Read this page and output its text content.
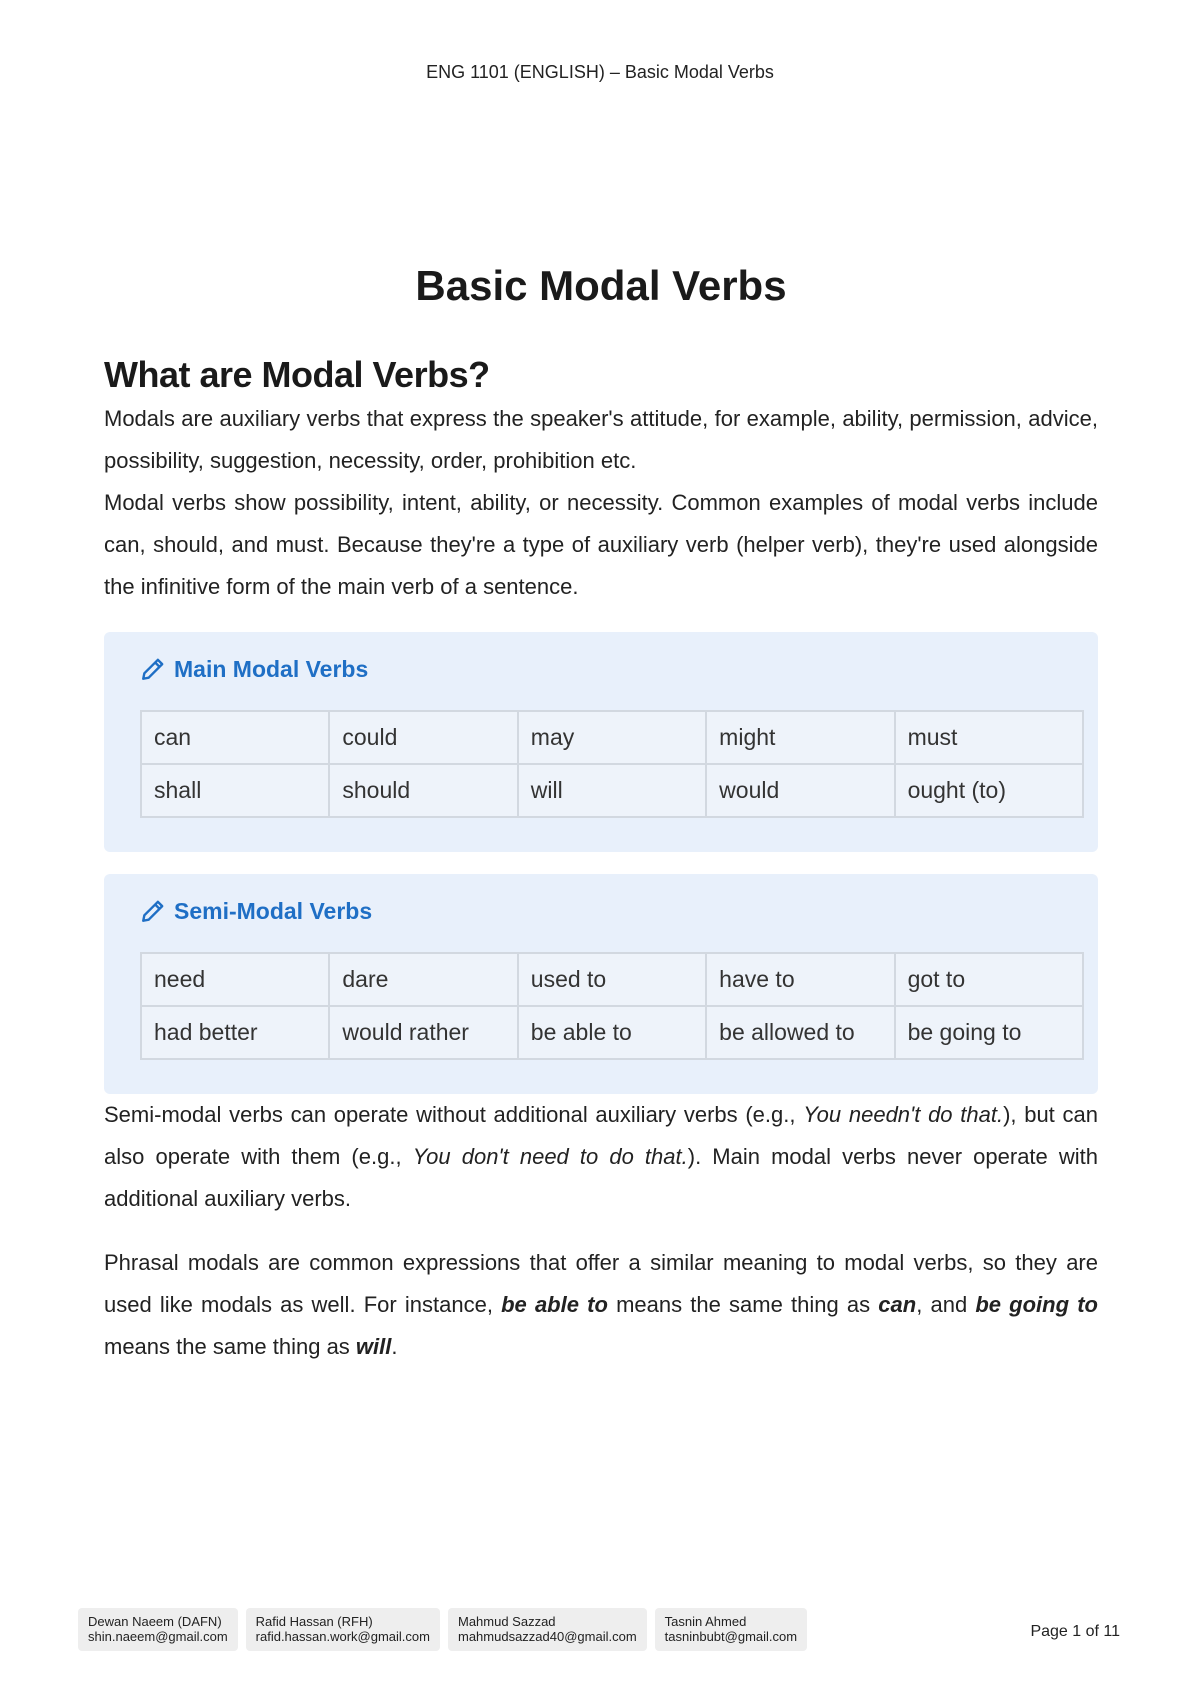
ENG 1101 (ENGLISH) – Basic Modal Verbs
Basic Modal Verbs
What are Modal Verbs?

Modals are auxiliary verbs that express the speaker's attitude, for example, ability, permission, advice, possibility, suggestion, necessity, order, prohibition etc.

Modal verbs show possibility, intent, ability, or necessity. Common examples of modal verbs include can, should, and must. Because they're a type of auxiliary verb (helper verb), they're used alongside the infinitive form of the main verb of a sentence.

Main Modal Verbs
can	could	may	might	must
shall	should	will	would	ought (to)
Semi-Modal Verbs
need	dare	used to	have to	got to
had better	would rather	be able to	be allowed to	be going to

Semi-modal verbs can operate without additional auxiliary verbs (e.g., You needn't do that.), but can also operate with them (e.g., You don't need to do that.). Main modal verbs never operate with additional auxiliary verbs.

Phrasal modals are common expressions that offer a similar meaning to modal verbs, so they are used like modals as well. For instance, be able to means the same thing as can, and be going to means the same thing as will.

Dewan Naeem (DAFN)
shin.naeem@gmail.com
Rafid Hassan (RFH)
rafid.hassan.work@gmail.com
Mahmud Sazzad
mahmudsazzad40@gmail.com
Tasnin Ahmed
tasninbubt@gmail.com	Page 1 of 11
